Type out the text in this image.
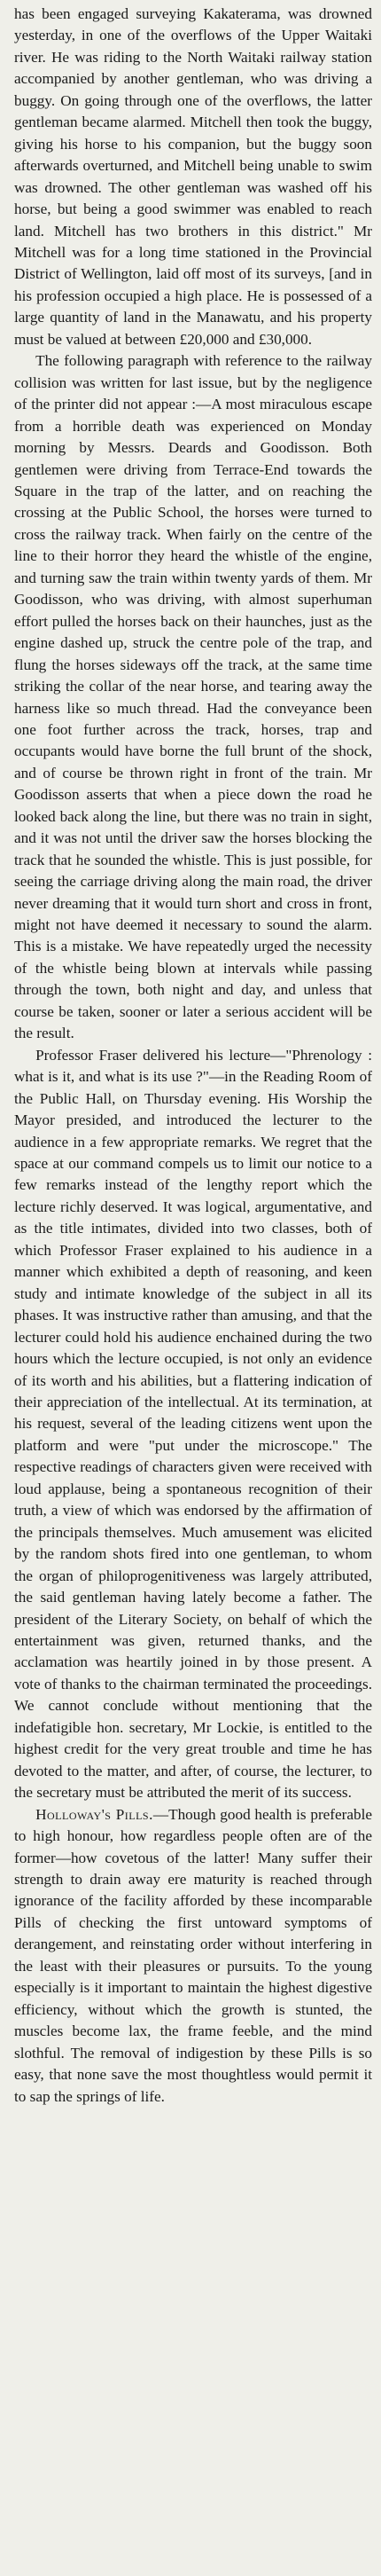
has been engaged surveying Kakaterama, was drowned yesterday, in one of the overflows of the Upper Waitaki river. He was riding to the North Waitaki railway station accompanied by another gentleman, who was driving a buggy. On going through one of the overflows, the latter gentleman became alarmed. Mitchell then took the buggy, giving his horse to his companion, but the buggy soon afterwards overturned, and Mitchell being unable to swim was drowned. The other gentleman was washed off his horse, but being a good swimmer was enabled to reach land. Mitchell has two brothers in this district." Mr Mitchell was for a long time stationed in the Provincial District of Wellington, laid off most of its surveys, [and in his profession occupied a high place. He is possessed of a large quantity of land in the Manawatu, and his property must be valued at between £20,000 and £30,000.

The following paragraph with reference to the railway collision was written for last issue, but by the negligence of the printer did not appear :—A most miraculous escape from a horrible death was experienced on Monday morning by Messrs. Deards and Goodisson. Both gentlemen were driving from Terrace-End towards the Square in the trap of the latter, and on reaching the crossing at the Public School, the horses were turned to cross the railway track. When fairly on the centre of the line to their horror they heard the whistle of the engine, and turning saw the train within twenty yards of them. Mr Goodisson, who was driving, with almost superhuman effort pulled the horses back on their haunches, just as the engine dashed up, struck the centre pole of the trap, and flung the horses sideways off the track, at the same time striking the collar of the near horse, and tearing away the harness like so much thread. Had the conveyance been one foot further across the track, horses, trap and occupants would have borne the full brunt of the shock, and of course be thrown right in front of the train. Mr Goodisson asserts that when a piece down the road he looked back along the line, but there was no train in sight, and it was not until the driver saw the horses blocking the track that he sounded the whistle. This is just possible, for seeing the carriage driving along the main road, the driver never dreaming that it would turn short and cross in front, might not have deemed it necessary to sound the alarm. This is a mistake. We have repeatedly urged the necessity of the whistle being blown at intervals while passing through the town, both night and day, and unless that course be taken, sooner or later a serious accident will be the result.

Professor Fraser delivered his lecture—"Phrenology : what is it, and what is its use ?"—in the Reading Room of the Public Hall, on Thursday evening. His Worship the Mayor presided, and introduced the lecturer to the audience in a few appropriate remarks. We regret that the space at our command compels us to limit our notice to a few remarks instead of the lengthy report which the lecture richly deserved. It was logical, argumentative, and as the title intimates, divided into two classes, both of which Professor Fraser explained to his audience in a manner which exhibited a depth of reasoning, and keen study and intimate knowledge of the subject in all its phases. It was instructive rather than amusing, and that the lecturer could hold his audience enchained during the two hours which the lecture occupied, is not only an evidence of its worth and his abilities, but a flattering indication of their appreciation of the intellectual. At its termination, at his request, several of the leading citizens went upon the platform and were "put under the microscope." The respective readings of characters given were received with loud applause, being a spontaneous recognition of their truth, a view of which was endorsed by the affirmation of the principals themselves. Much amusement was elicited by the random shots fired into one gentleman, to whom the organ of philoprogenitiveness was largely attributed, the said gentleman having lately become a father. The president of the Literary Society, on behalf of which the entertainment was given, returned thanks, and the acclamation was heartily joined in by those present. A vote of thanks to the chairman terminated the proceedings. We cannot conclude without mentioning that the indefatigible hon. secretary, Mr Lockie, is entitled to the highest credit for the very great trouble and time he has devoted to the matter, and after, of course, the lecturer, to the secretary must be attributed the merit of its success.

Holloway's Pills.—Though good health is preferable to high honour, how regardless people often are of the former—how covetous of the latter! Many suffer their strength to drain away ere maturity is reached through ignorance of the facility afforded by these incomparable Pills of checking the first untoward symptoms of derangement, and reinstating order without interfering in the least with their pleasures or pursuits. To the young especially is it important to maintain the highest digestive efficiency, without which the growth is stunted, the muscles become lax, the frame feeble, and the mind slothful. The removal of indigestion by these Pills is so easy, that none save the most thoughtless would permit it to sap the springs of life.
